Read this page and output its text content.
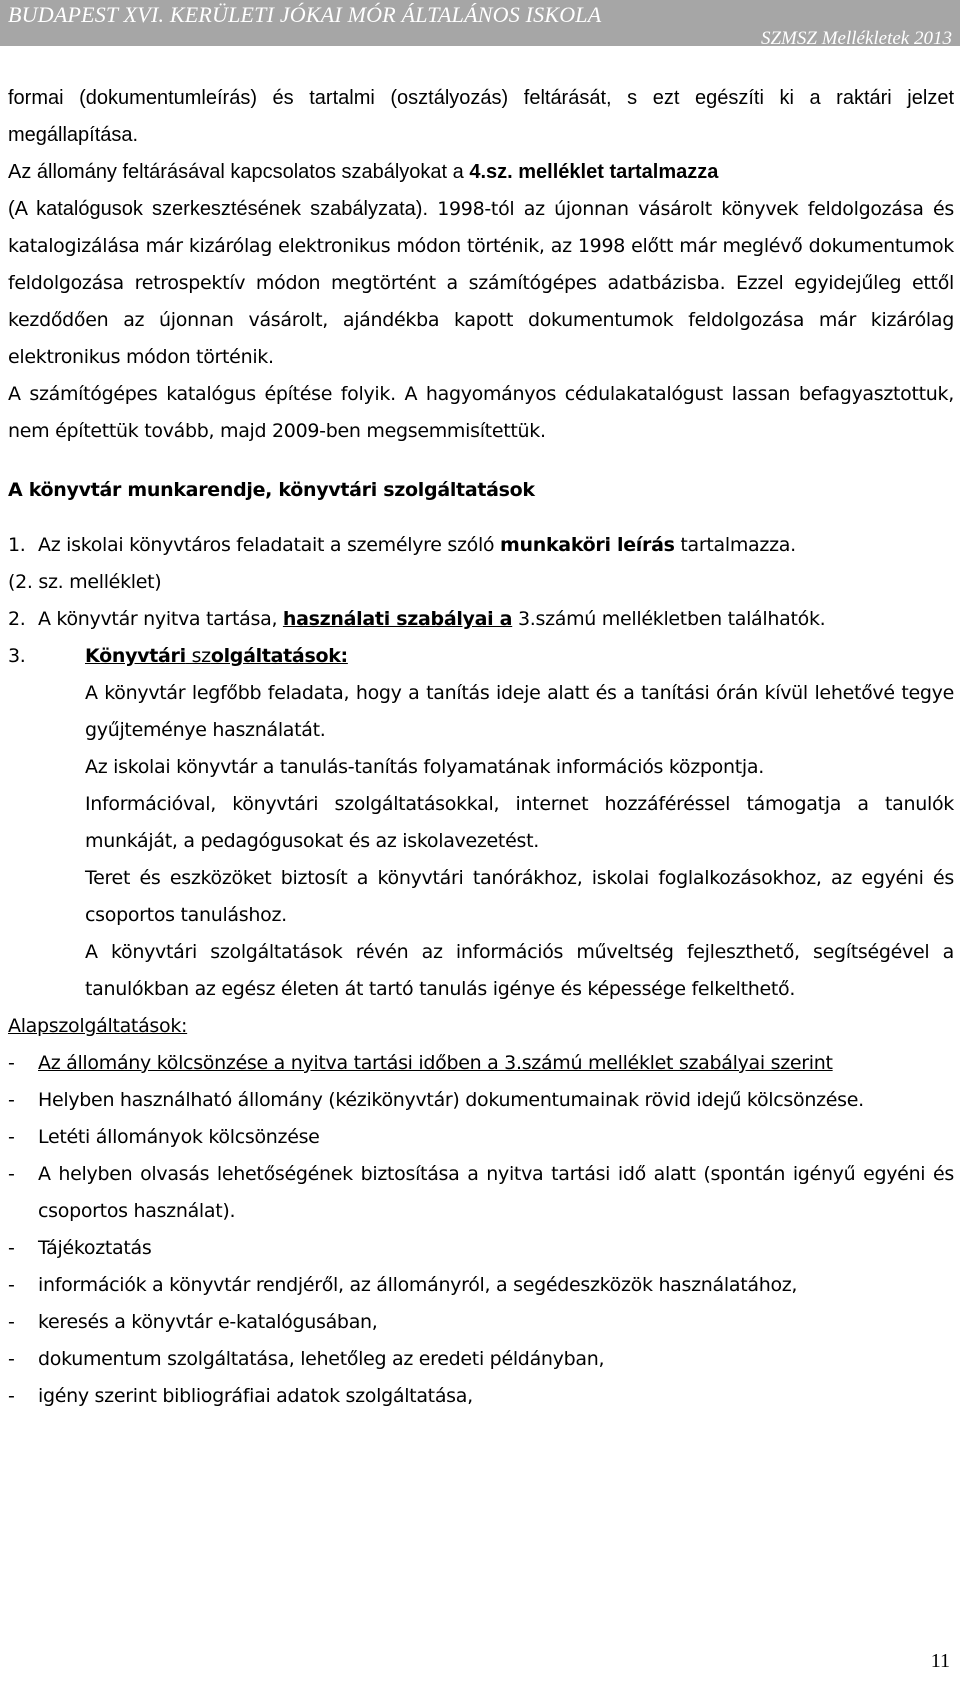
BUDAPEST XVI. KERÜLETI JÓKAI MÓR ÁLTALÁNOS ISKOLA
SZMSZ Mellékletek 2013

formai (dokumentumleírás) és tartalmi (osztályozás) feltárását, s ezt egészíti ki a raktári jelzet megállapítása.

Az állomány feltárásával kapcsolatos szabályokat a 4.sz. melléklet tartalmazza

(A katalógusok szerkesztésének szabályzata). 1998-tól az újonnan vásárolt könyvek feldolgozása és katalogizálása már kizárólag elektronikus módon történik, az 1998 előtt már meglévő dokumentumok feldolgozása retrospektív módon megtörtént a számítógépes adatbázisba. Ezzel egyidejűleg ettől kezdődően az újonnan vásárolt, ajándékba kapott dokumentumok feldolgozása már kizárólag elektronikus módon történik.

A számítógépes katalógus építése folyik. A hagyományos cédulakatalógust lassan befagyasztottuk, nem építettük tovább, majd 2009-ben megsemmisítettük.

A könyvtár munkarendje, könyvtári szolgáltatások

1. Az iskolai könyvtáros feladatait a személyre szóló munkaköri leírás tartalmazza.

(2. sz. melléklet)

2. A könyvtár nyitva tartása, használati szabályai a 3.számú mellékletben találhatók.

3.	Könyvtári szolgáltatások:

A könyvtár legfőbb feladata, hogy a tanítás ideje alatt és a tanítási órán kívül lehetővé tegye gyűjteménye használatát.

Az iskolai könyvtár a tanulás-tanítás folyamatának információs központja.

Információval, könyvtári szolgáltatásokkal, internet hozzáféréssel támogatja a tanulók munkáját, a pedagógusokat és az iskolavezetést.

Teret és eszközöket biztosít a könyvtári tanórákhoz, iskolai foglalkozásokhoz, az egyéni és csoportos tanuláshoz.

A könyvtári szolgáltatások révén az információs műveltség fejleszthető, segítségével a tanulókban az egész életen át tartó tanulás igénye és képessége felkelthető.

Alapszolgáltatások:

- Az állomány kölcsönzése a nyitva tartási időben a 3.számú melléklet szabályai szerint

- Helyben használható állomány (kézikönyvtár) dokumentumainak rövid idejű kölcsönzése.

- Letéti állományok kölcsönzése

- A helyben olvasás lehetőségének biztosítása a nyitva tartási idő alatt (spontán igényű egyéni és csoportos használat).

- Tájékoztatás

- információk a könyvtár rendjéről, az állományról, a segédeszközök használatához,

- keresés a könyvtár e-katalógusában,

- dokumentum szolgáltatása, lehetőleg az eredeti példányban,

- igény szerint bibliográfiai adatok szolgáltatása,

11
